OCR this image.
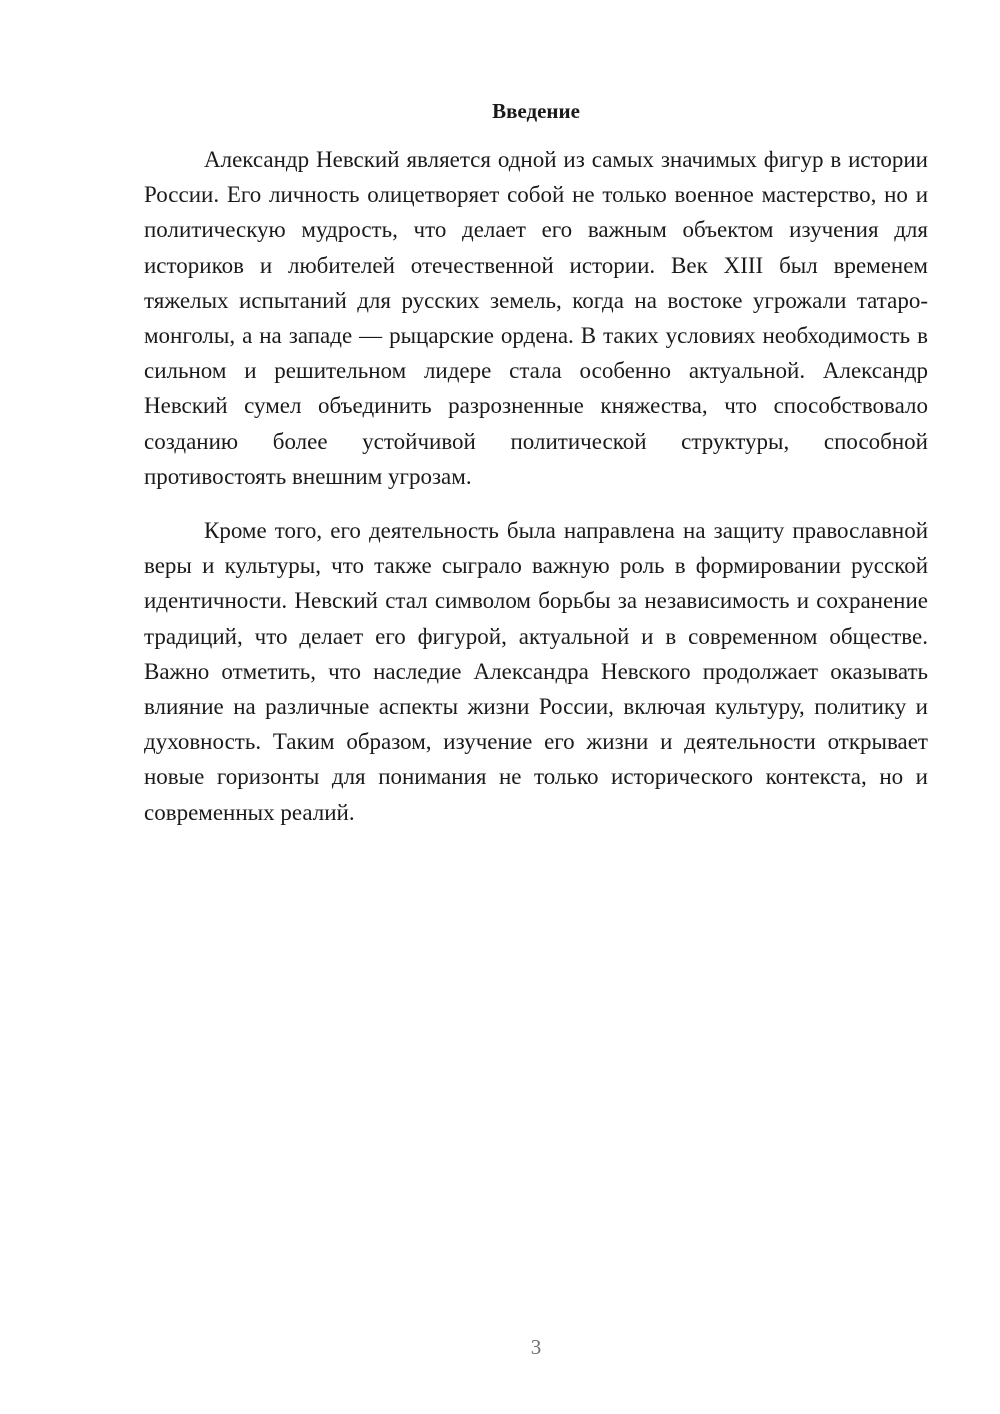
Введение

Александр Невский является одной из самых значимых фигур в истории России. Его личность олицетворяет собой не только военное мастерство, но и политическую мудрость, что делает его важным объектом изучения для историков и любителей отечественной истории. Век XIII был временем тяжелых испытаний для русских земель, когда на востоке угрожали татаро-монголы, а на западе — рыцарские ордена. В таких условиях необходимость в сильном и решительном лидере стала особенно актуальной. Александр Невский сумел объединить разрозненные княжества, что способствовало созданию более устойчивой политической структуры, способной противостоять внешним угрозам.

Кроме того, его деятельность была направлена на защиту православной веры и культуры, что также сыграло важную роль в формировании русской идентичности. Невский стал символом борьбы за независимость и сохранение традиций, что делает его фигурой, актуальной и в современном обществе. Важно отметить, что наследие Александра Невского продолжает оказывать влияние на различные аспекты жизни России, включая культуру, политику и духовность. Таким образом, изучение его жизни и деятельности открывает новые горизонты для понимания не только исторического контекста, но и современных реалий.

3
